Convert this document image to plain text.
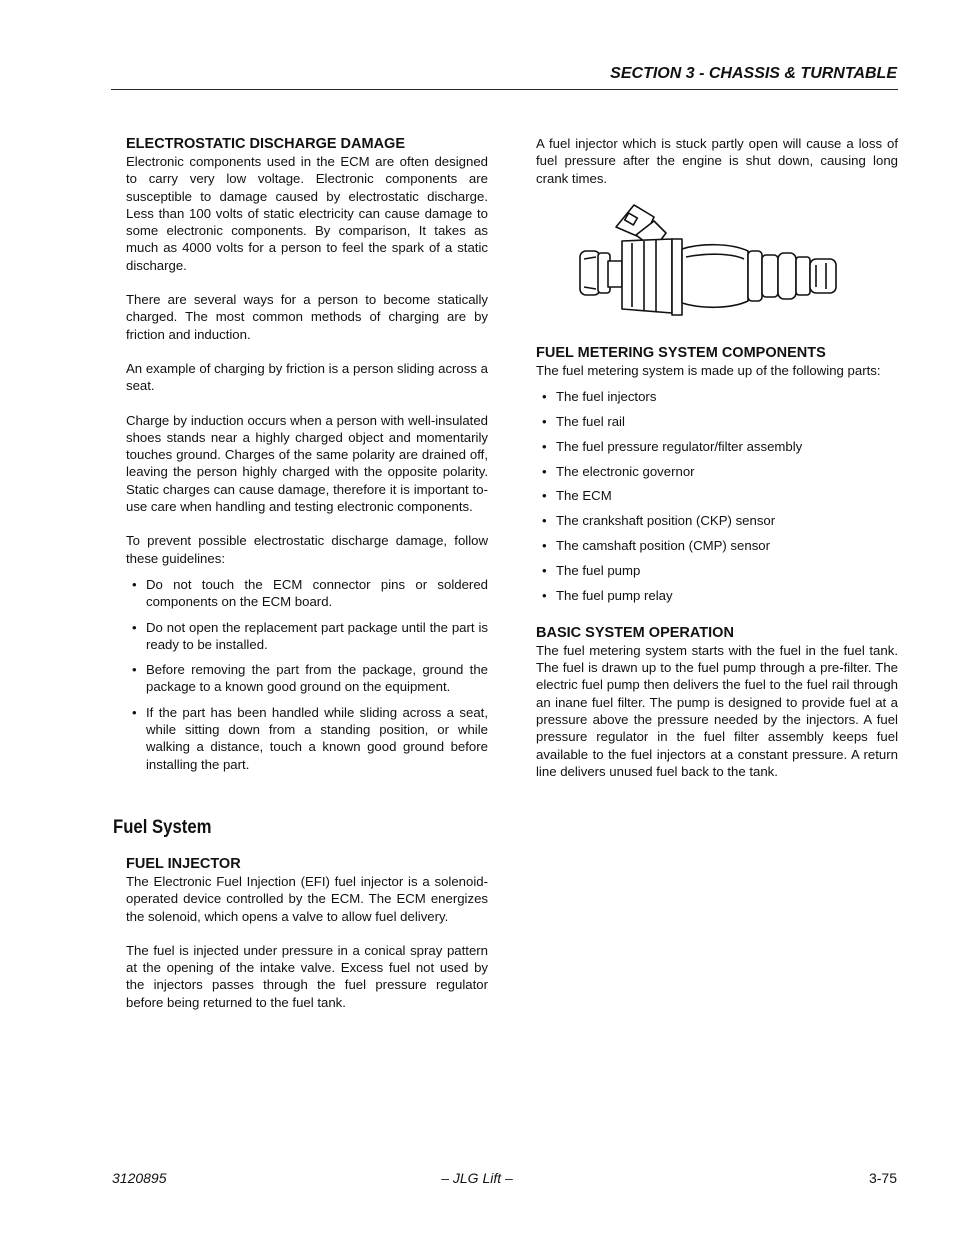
SECTION 3 - CHASSIS & TURNTABLE
ELECTROSTATIC DISCHARGE DAMAGE

Electronic components used in the ECM are often designed to carry very low voltage. Electronic components are susceptible to damage caused by electrostatic discharge. Less than 100 volts of static electricity can cause damage to some electronic components. By comparison, It takes as much as 4000 volts for a person to feel the spark of a static discharge.

There are several ways for a person to become statically charged. The most common methods of charging are by friction and induction.

An example of charging by friction is a person sliding across a seat.

Charge by induction occurs when a person with well-insulated shoes stands near a highly charged object and momentarily touches ground. Charges of the same polarity are drained off, leaving the person highly charged with the opposite polarity. Static charges can cause damage, therefore it is important to-use care when handling and testing electronic components.

To prevent possible electrostatic discharge damage, follow these guidelines:

• Do not touch the ECM connector pins or soldered components on the ECM board.
• Do not open the replacement part package until the part is ready to be installed.
• Before removing the part from the package, ground the package to a known good ground on the equipment.
• If the part has been handled while sliding across a seat, while sitting down from a standing position, or while walking a distance, touch a known good ground before installing the part.
Fuel System
FUEL INJECTOR

The Electronic Fuel Injection (EFI) fuel injector is a solenoid-operated device controlled by the ECM. The ECM energizes the solenoid, which opens a valve to allow fuel delivery.

The fuel is injected under pressure in a conical spray pattern at the opening of the intake valve. Excess fuel not used by the injectors passes through the fuel pressure regulator before being returned to the fuel tank.

A fuel injector which is stuck partly open will cause a loss of fuel pressure after the engine is shut down, causing long crank times.

FUEL METERING SYSTEM COMPONENTS

The fuel metering system is made up of the following parts:

• The fuel injectors
• The fuel rail
• The fuel pressure regulator/filter assembly
• The electronic governor
• The ECM
• The crankshaft position (CKP) sensor
• The camshaft position (CMP) sensor
• The fuel pump
• The fuel pump relay
BASIC SYSTEM OPERATION

The fuel metering system starts with the fuel in the fuel tank. The fuel is drawn up to the fuel pump through a pre-filter. The electric fuel pump then delivers the fuel to the fuel rail through an inane fuel filter. The pump is designed to provide fuel at a pressure above the pressure needed by the injectors. A fuel pressure regulator in the fuel filter assembly keeps fuel available to the fuel injectors at a constant pressure. A return line delivers unused fuel back to the tank.

3120895	– JLG Lift –	3-75
